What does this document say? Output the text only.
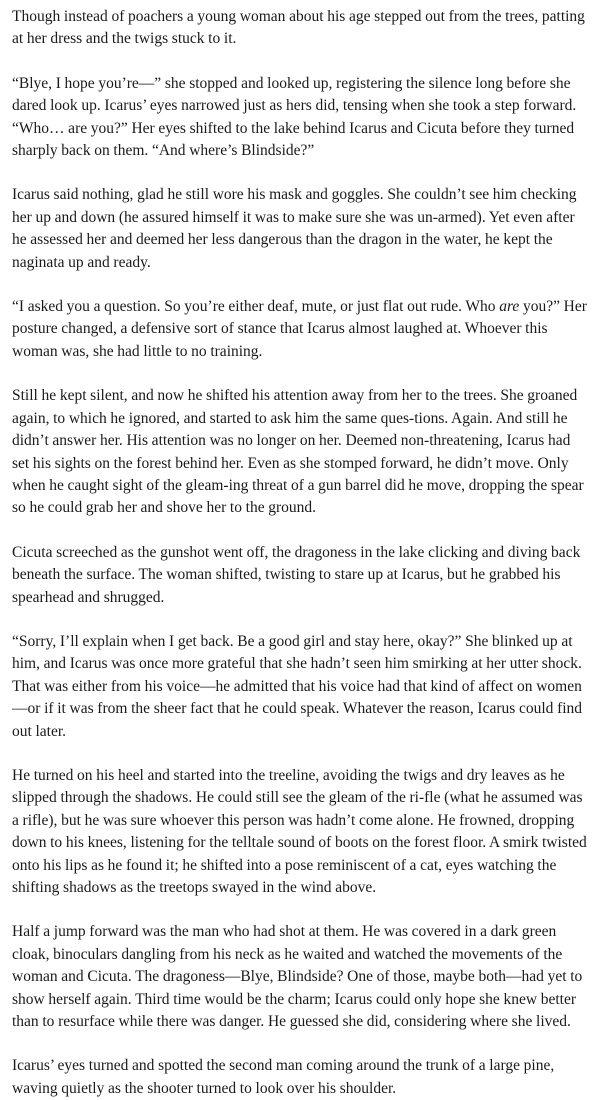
Though instead of poachers a young woman about his age stepped out from the trees, patting at her dress and the twigs stuck to it.

“Blye, I hope you’re—” she stopped and looked up, registering the silence long before she dared look up. Icarus’ eyes narrowed just as hers did, tensing when she took a step forward. “Who… are you?” Her eyes shifted to the lake behind Icarus and Cicuta before they turned sharply back on them. “And where’s Blindside?”

Icarus said nothing, glad he still wore his mask and goggles. She couldn’t see him checking her up and down (he assured himself it was to make sure she was un-armed). Yet even after he assessed her and deemed her less dangerous than the dragon in the water, he kept the naginata up and ready.

“I asked you a question. So you’re either deaf, mute, or just flat out rude. Who are you?” Her posture changed, a defensive sort of stance that Icarus almost laughed at. Whoever this woman was, she had little to no training.

Still he kept silent, and now he shifted his attention away from her to the trees. She groaned again, to which he ignored, and started to ask him the same ques-tions. Again. And still he didn’t answer her. His attention was no longer on her. Deemed non-threatening, Icarus had set his sights on the forest behind her. Even as she stomped forward, he didn’t move. Only when he caught sight of the gleam-ing threat of a gun barrel did he move, dropping the spear so he could grab her and shove her to the ground.

Cicuta screeched as the gunshot went off, the dragoness in the lake clicking and diving back beneath the surface. The woman shifted, twisting to stare up at Icarus, but he grabbed his spearhead and shrugged.

“Sorry, I’ll explain when I get back. Be a good girl and stay here, okay?” She blinked up at him, and Icarus was once more grateful that she hadn’t seen him smirking at her utter shock. That was either from his voice—he admitted that his voice had that kind of affect on women—or if it was from the sheer fact that he could speak. Whatever the reason, Icarus could find out later.

He turned on his heel and started into the treeline, avoiding the twigs and dry leaves as he slipped through the shadows. He could still see the gleam of the ri-fle (what he assumed was a rifle), but he was sure whoever this person was hadn’t come alone. He frowned, dropping down to his knees, listening for the telltale sound of boots on the forest floor. A smirk twisted onto his lips as he found it; he shifted into a pose reminiscent of a cat, eyes watching the shifting shadows as the treetops swayed in the wind above.

Half a jump forward was the man who had shot at them. He was covered in a dark green cloak, binoculars dangling from his neck as he waited and watched the movements of the woman and Cicuta. The dragoness—Blye, Blindside? One of those, maybe both—had yet to show herself again. Third time would be the charm; Icarus could only hope she knew better than to resurface while there was danger. He guessed she did, considering where she lived.

Icarus’ eyes turned and spotted the second man coming around the trunk of a large pine, waving quietly as the shooter turned to look over his shoulder.
